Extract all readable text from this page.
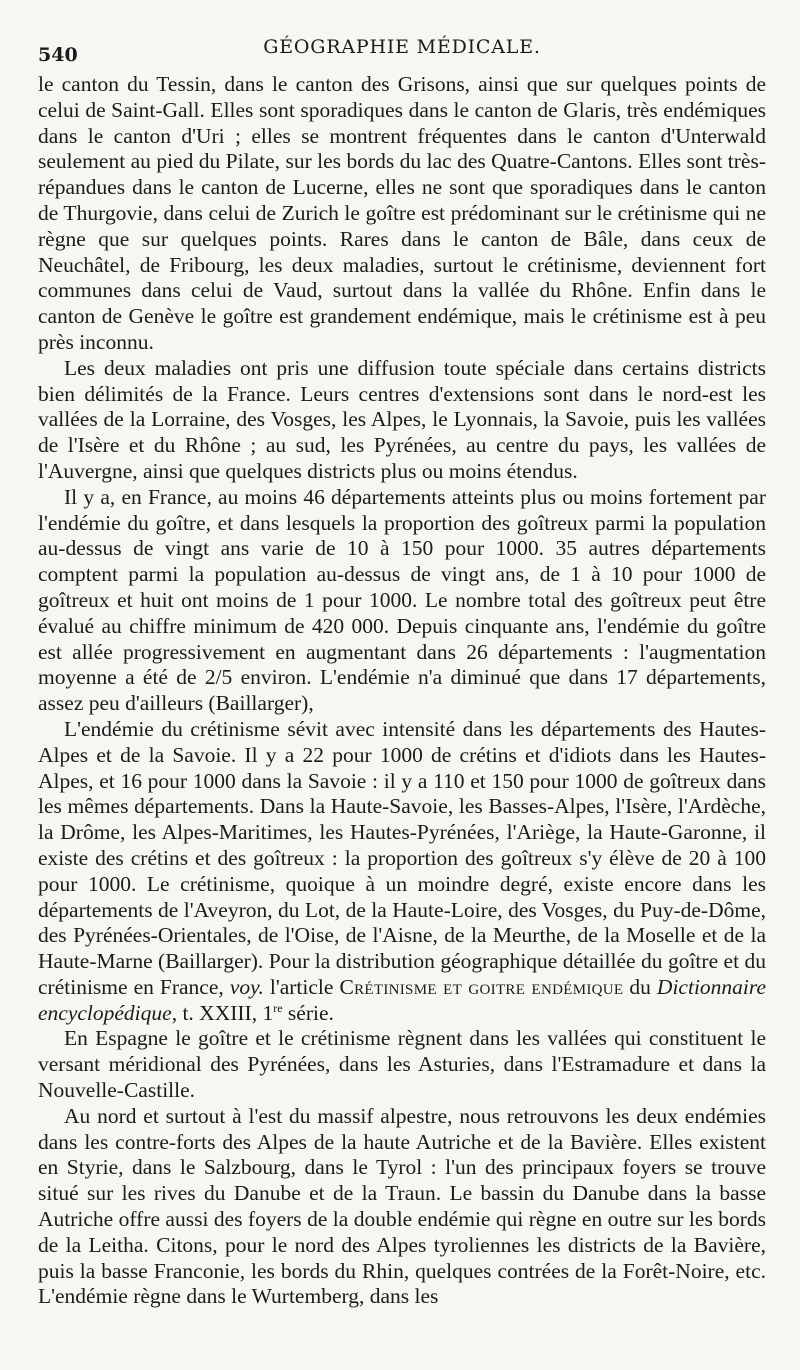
540	GÉOGRAPHIE MÉDICALE.

le canton du Tessin, dans le canton des Grisons, ainsi que sur quelques points de celui de Saint-Gall. Elles sont sporadiques dans le canton de Glaris, très endémiques dans le canton d'Uri ; elles se montrent fréquentes dans le canton d'Unterwald seulement au pied du Pilate, sur les bords du lac des Quatre-Cantons. Elles sont très-répandues dans le canton de Lucerne, elles ne sont que sporadiques dans le canton de Thurgovie, dans celui de Zurich le goître est prédominant sur le crétinisme qui ne règne que sur quelques points. Rares dans le canton de Bâle, dans ceux de Neuchâtel, de Fribourg, les deux maladies, surtout le crétinisme, deviennent fort communes dans celui de Vaud, surtout dans la vallée du Rhône. Enfin dans le canton de Genève le goître est grandement endémique, mais le crétinisme est à peu près inconnu.

Les deux maladies ont pris une diffusion toute spéciale dans certains districts bien délimités de la France. Leurs centres d'extensions sont dans le nord-est les vallées de la Lorraine, des Vosges, les Alpes, le Lyonnais, la Savoie, puis les vallées de l'Isère et du Rhône ; au sud, les Pyrénées, au centre du pays, les vallées de l'Auvergne, ainsi que quelques districts plus ou moins étendus.

Il y a, en France, au moins 46 départements atteints plus ou moins fortement par l'endémie du goître, et dans lesquels la proportion des goîtreux parmi la population au-dessus de vingt ans varie de 10 à 150 pour 1000. 35 autres départements comptent parmi la population au-dessus de vingt ans, de 1 à 10 pour 1000 de goîtreux et huit ont moins de 1 pour 1000. Le nombre total des goîtreux peut être évalué au chiffre minimum de 420 000. Depuis cinquante ans, l'endémie du goître est allée progressivement en augmentant dans 26 départements : l'augmentation moyenne a été de 2/5 environ. L'endémie n'a diminué que dans 17 départements, assez peu d'ailleurs (Baillarger),

L'endémie du crétinisme sévit avec intensité dans les départements des Hautes-Alpes et de la Savoie. Il y a 22 pour 1000 de crétins et d'idiots dans les Hautes-Alpes, et 16 pour 1000 dans la Savoie : il y a 110 et 150 pour 1000 de goîtreux dans les mêmes départements. Dans la Haute-Savoie, les Basses-Alpes, l'Isère, l'Ardèche, la Drôme, les Alpes-Maritimes, les Hautes-Pyrénées, l'Ariège, la Haute-Garonne, il existe des crétins et des goîtreux : la proportion des goîtreux s'y élève de 20 à 100 pour 1000. Le crétinisme, quoique à un moindre degré, existe encore dans les départements de l'Aveyron, du Lot, de la Haute-Loire, des Vosges, du Puy-de-Dôme, des Pyrénées-Orientales, de l'Oise, de l'Aisne, de la Meurthe, de la Moselle et de la Haute-Marne (Baillarger). Pour la distribution géographique détaillée du goître et du crétinisme en France, voy. l'article Crétinisme et goitre endémique du Dictionnaire encyclopédique, t. XXIII, 1re série.

En Espagne le goître et le crétinisme règnent dans les vallées qui constituent le versant méridional des Pyrénées, dans les Asturies, dans l'Estramadure et dans la Nouvelle-Castille.

Au nord et surtout à l'est du massif alpestre, nous retrouvons les deux endémies dans les contre-forts des Alpes de la haute Autriche et de la Bavière. Elles existent en Styrie, dans le Salzbourg, dans le Tyrol : l'un des principaux foyers se trouve situé sur les rives du Danube et de la Traun. Le bassin du Danube dans la basse Autriche offre aussi des foyers de la double endémie qui règne en outre sur les bords de la Leitha. Citons, pour le nord des Alpes tyroliennes les districts de la Bavière, puis la basse Franconie, les bords du Rhin, quelques contrées de la Forêt-Noire, etc. L'endémie règne dans le Wurtemberg, dans les
